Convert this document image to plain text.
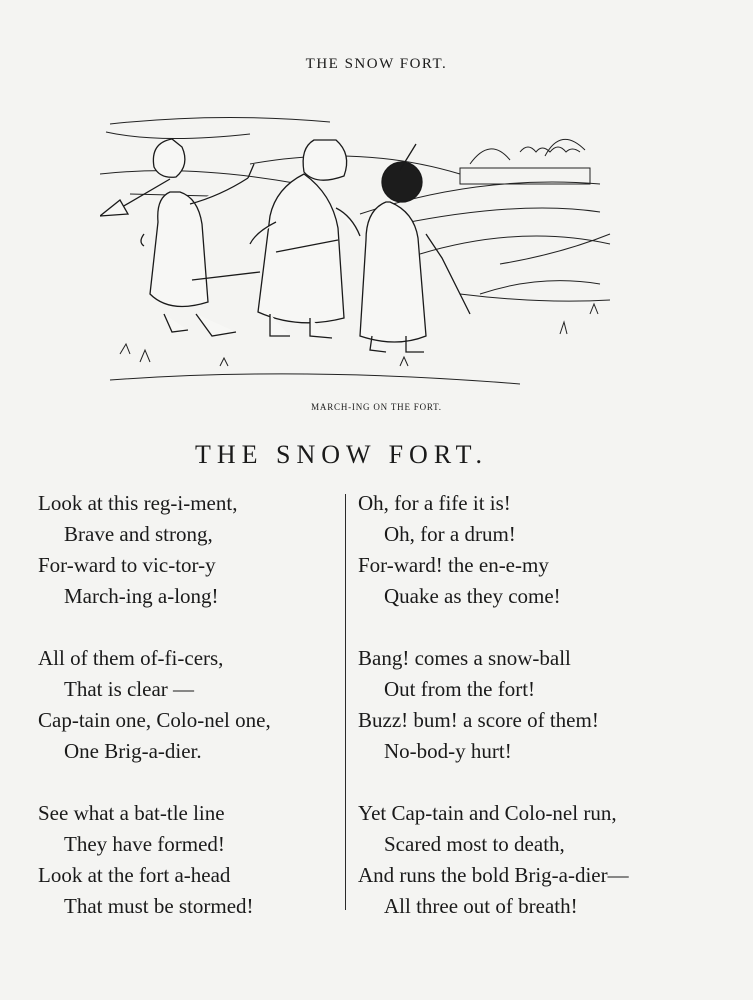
THE SNOW FORT.
MARCH-ING ON THE FORT.
THE SNOW FORT.
Look at this reg-i-ment,
Brave and strong,
For-ward to vic-tor-y
March-ing a-long!
All of them of-fi-cers,
That is clear —
Cap-tain one, Colo-nel one,
One Brig-a-dier.
See what a bat-tle line
They have formed!
Look at the fort a-head
That must be stormed!
Oh, for a fife it is!
Oh, for a drum!
For-ward! the en-e-my
Quake as they come!
Bang! comes a snow-ball
Out from the fort!
Buzz! bum! a score of them!
No-bod-y hurt!
Yet Cap-tain and Colo-nel run,
Scared most to death,
And runs the bold Brig-a-dier—
All three out of breath!
